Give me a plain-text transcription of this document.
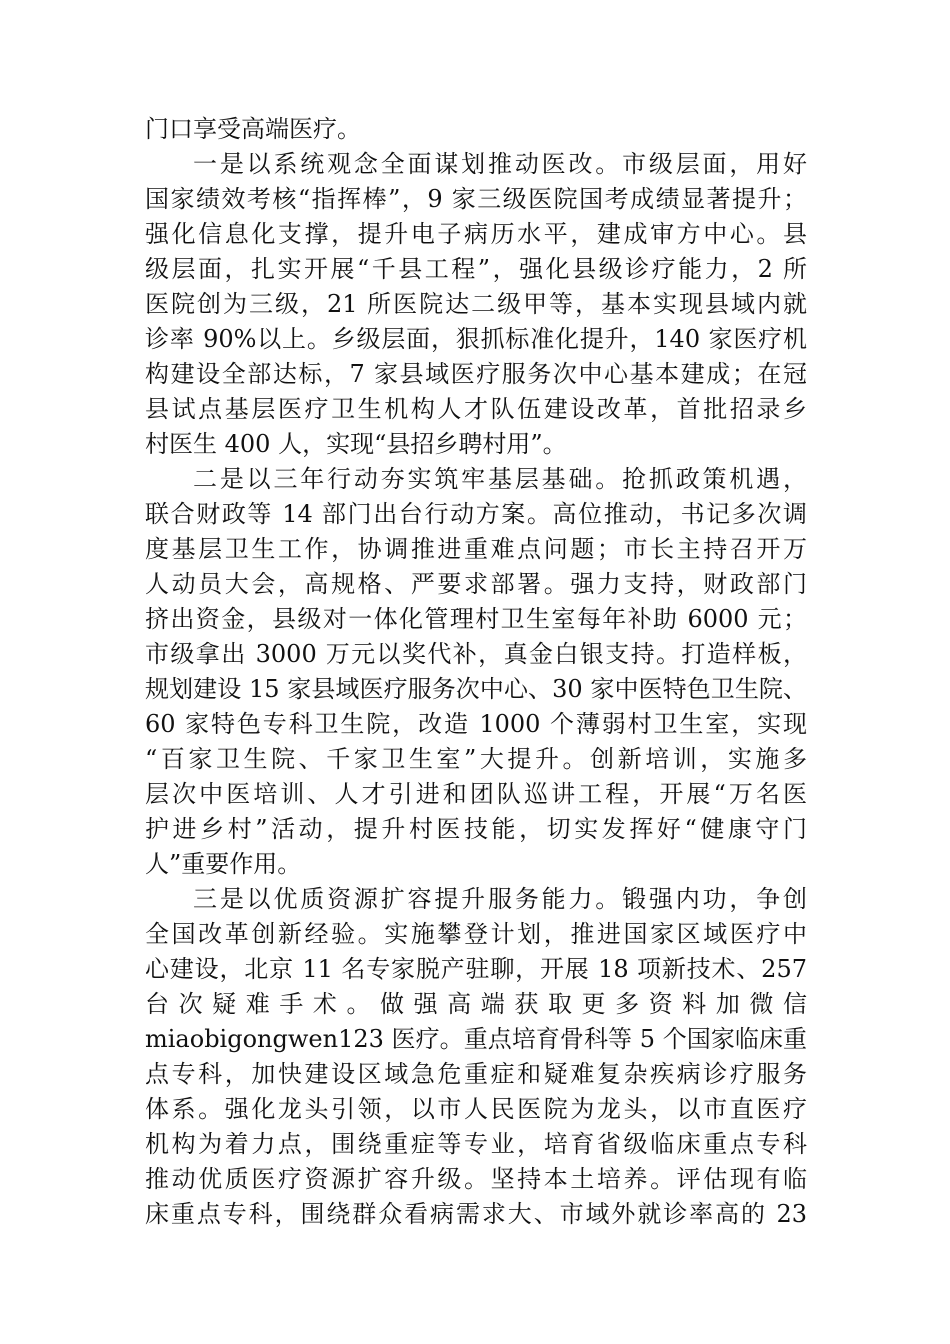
门口享受高端医疗。
一是以系统观念全面谋划推动医改。市级层面，用好
国家绩效考核“指挥棒”，9 家三级医院国考成绩显著提升；
强化信息化支撑，提升电子病历水平，建成审方中心。县
级层面，扎实开展“千县工程”，强化县级诊疗能力，2 所
医院创为三级，21 所医院达二级甲等，基本实现县域内就
诊率 90%以上。乡级层面，狠抓标准化提升，140 家医疗机
构建设全部达标，7 家县域医疗服务次中心基本建成；在冠
县试点基层医疗卫生机构人才队伍建设改革，首批招录乡
村医生 400 人，实现“县招乡聘村用”。
二是以三年行动夯实筑牢基层基础。抢抓政策机遇，
联合财政等 14 部门出台行动方案。高位推动，书记多次调
度基层卫生工作，协调推进重难点问题；市长主持召开万
人动员大会，高规格、严要求部署。强力支持，财政部门
挤出资金，县级对一体化管理村卫生室每年补助 6000 元；
市级拿出 3000 万元以奖代补，真金白银支持。打造样板，
规划建设 15 家县域医疗服务次中心、30 家中医特色卫生院、
60 家特色专科卫生院，改造 1000 个薄弱村卫生室，实现
“百家卫生院、千家卫生室”大提升。创新培训，实施多
层次中医培训、人才引进和团队巡讲工程，开展“万名医
护进乡村”活动，提升村医技能，切实发挥好“健康守门
人”重要作用。
三是以优质资源扩容提升服务能力。锻强内功，争创
全国改革创新经验。实施攀登计划，推进国家区域医疗中
心建设，北京 11 名专家脱产驻聊，开展 18 项新技术、257
台次疑难手术。做强高端获取更多资料加微信
miaobigongwen123 医疗。重点培育骨科等 5 个国家临床重
点专科，加快建设区域急危重症和疑难复杂疾病诊疗服务
体系。强化龙头引领，以市人民医院为龙头，以市直医疗
机构为着力点，围绕重症等专业，培育省级临床重点专科
推动优质医疗资源扩容升级。坚持本土培养。评估现有临
床重点专科，围绕群众看病需求大、市域外就诊率高的 23
